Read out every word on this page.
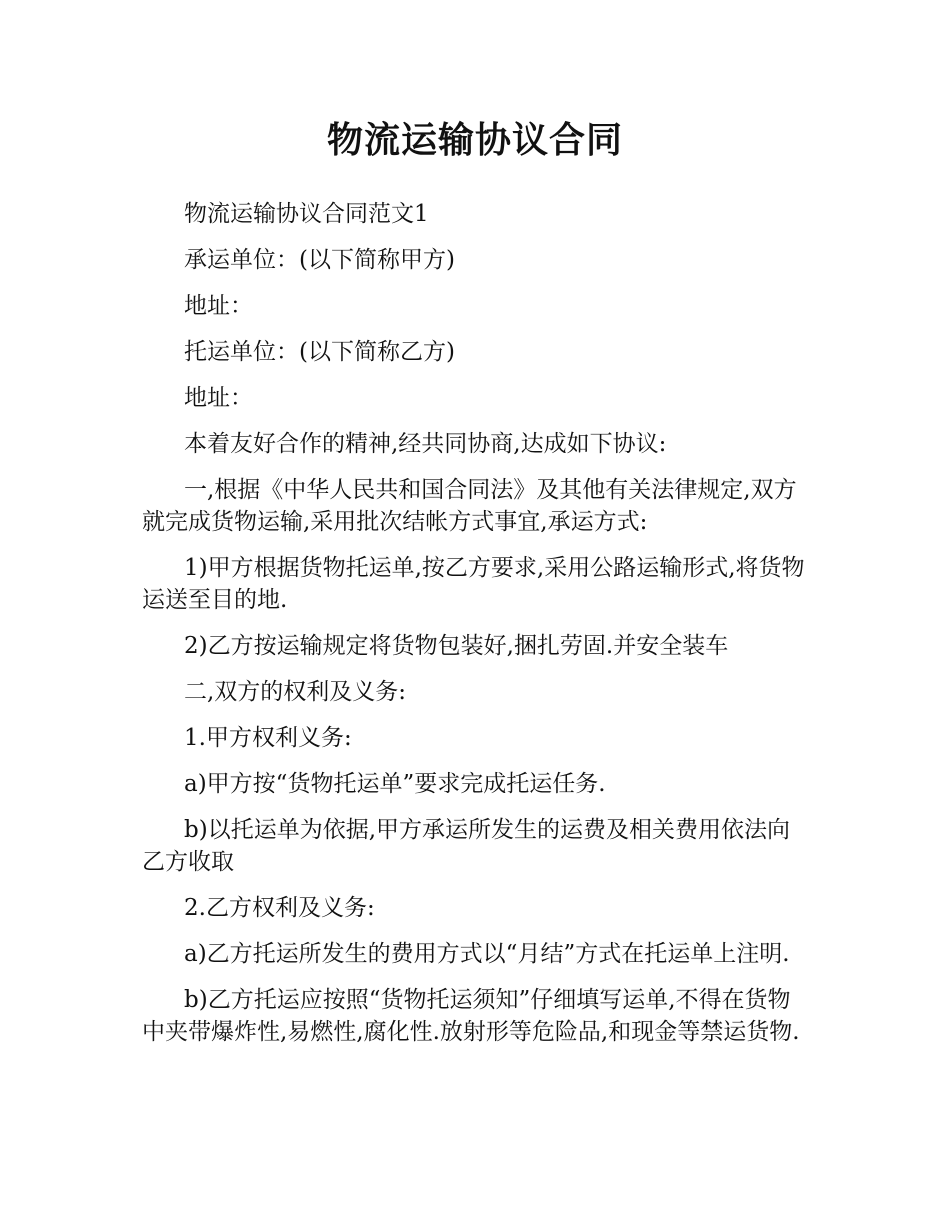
物流运输协议合同

物流运输协议合同范文1

承运单位：(以下简称甲方)

地址：

托运单位：(以下简称乙方)

地址：

本着友好合作的精神,经共同协商,达成如下协议:

一,根据《中华人民共和国合同法》及其他有关法律规定,双方就完成货物运输,采用批次结帐方式事宜,承运方式:

1)甲方根据货物托运单,按乙方要求,采用公路运输形式,将货物运送至目的地.

2)乙方按运输规定将货物包装好,捆扎劳固.并安全装车

二,双方的权利及义务:

1.甲方权利义务:

a)甲方按“货物托运单”要求完成托运任务.

b)以托运单为依据,甲方承运所发生的运费及相关费用依法向乙方收取

2.乙方权利及义务:

a)乙方托运所发生的费用方式以“月结”方式在托运单上注明.

b)乙方托运应按照“货物托运须知”仔细填写运单,不得在货物中夹带爆炸性,易燃性,腐化性.放射形等危险品,和现金等禁运货物.
